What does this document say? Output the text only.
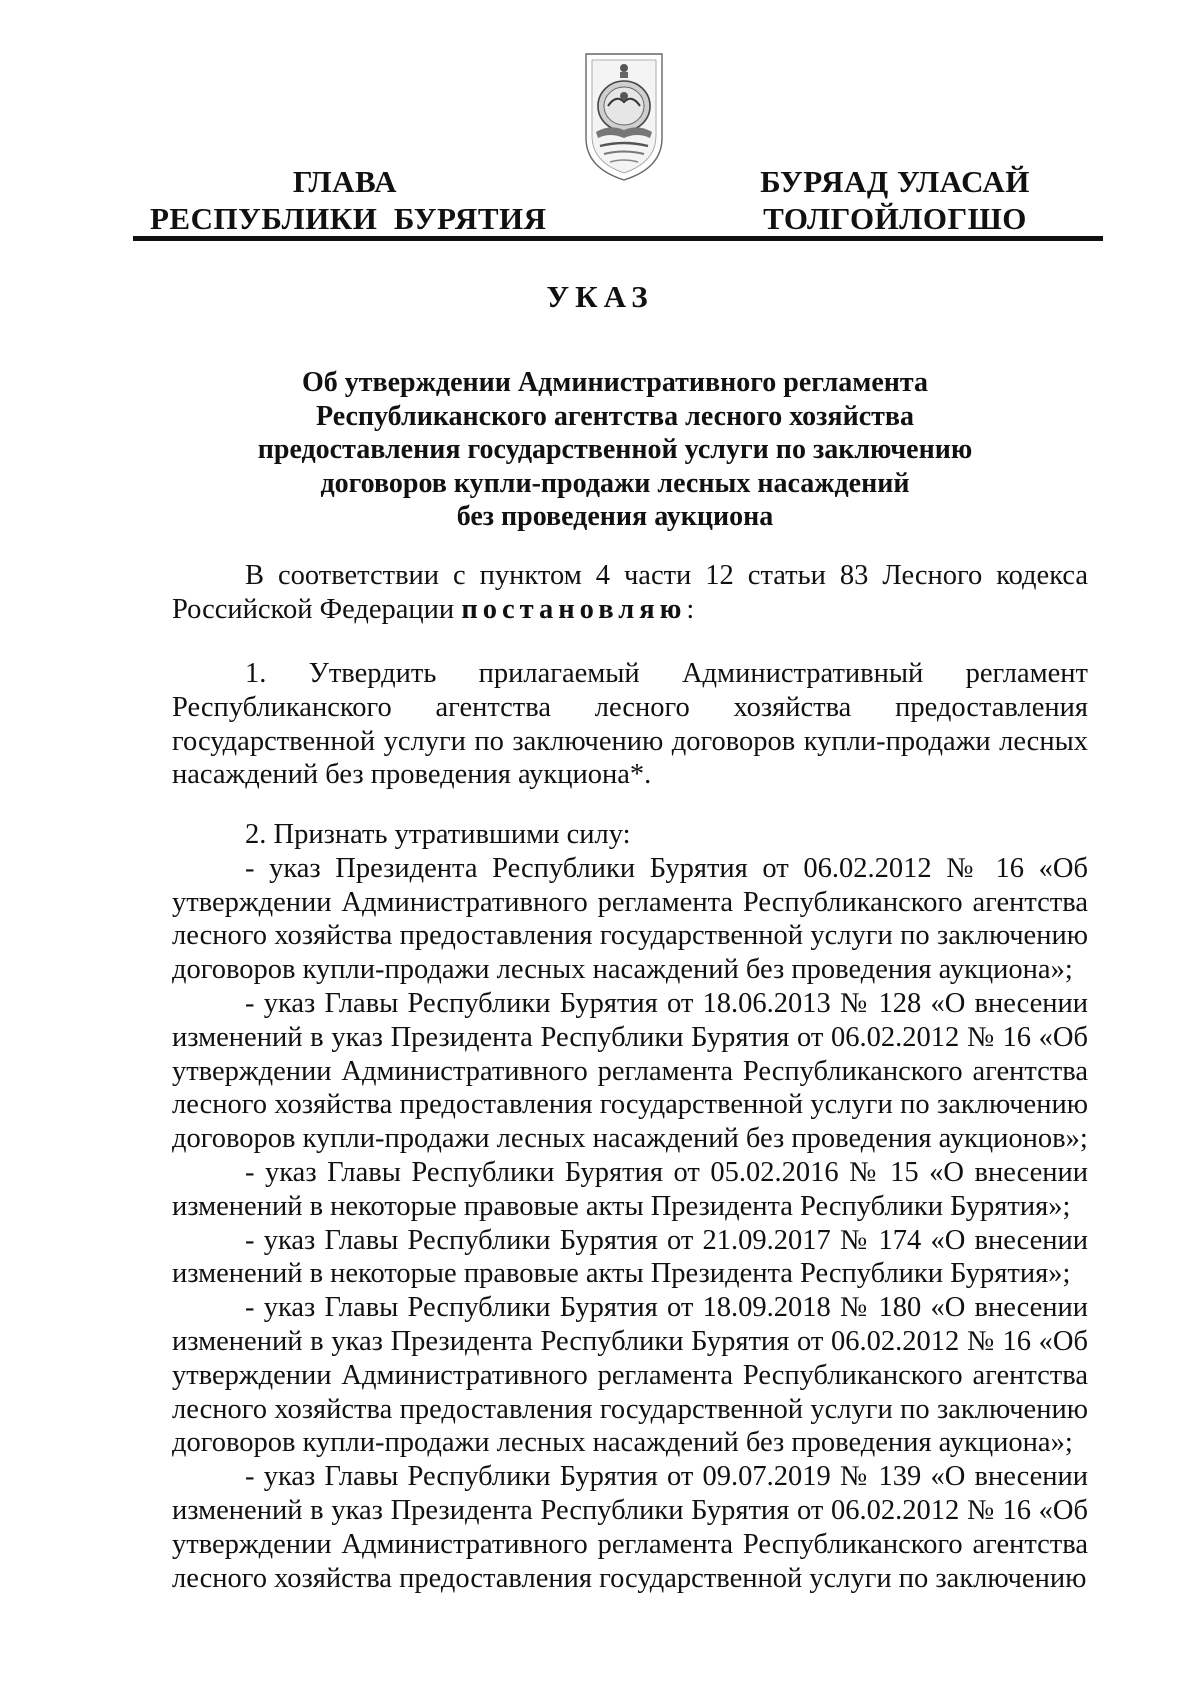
ГЛАВА
РЕСПУБЛИКИ  БУРЯТИЯ
БУРЯАД УЛАСАЙ
ТОЛГОЙЛОГШО
УКАЗ
Об утверждении Административного регламента
Республиканского агентства лесного хозяйства
предоставления государственной услуги по заключению
договоров купли-продажи лесных насаждений
без проведения аукциона
В соответствии с пунктом 4 части 12 статьи 83 Лесного кодекса Российской Федерации постановляю:
1. Утвердить прилагаемый Административный регламент Республиканского агентства лесного хозяйства предоставления государственной услуги по заключению договоров купли-продажи лесных насаждений без проведения аукциона*.
2. Признать утратившими силу:
- указ Президента Республики Бурятия от 06.02.2012 № 16 «Об утверждении Административного регламента Республиканского агентства лесного хозяйства предоставления государственной услуги по заключению договоров купли-продажи лесных насаждений без проведения аукциона»;
- указ Главы Республики Бурятия от 18.06.2013 № 128 «О внесении изменений в указ Президента Республики Бурятия от 06.02.2012 № 16 «Об утверждении Административного регламента Республиканского агентства лесного хозяйства предоставления государственной услуги по заключению договоров купли-продажи лесных насаждений без проведения аукционов»;
- указ Главы Республики Бурятия от 05.02.2016 № 15 «О внесении изменений в некоторые правовые акты Президента Республики Бурятия»;
- указ Главы Республики Бурятия от 21.09.2017 № 174 «О внесении изменений в некоторые правовые акты Президента Республики Бурятия»;
- указ Главы Республики Бурятия от 18.09.2018 № 180 «О внесении изменений в указ Президента Республики Бурятия от 06.02.2012 № 16 «Об утверждении Административного регламента Республиканского агентства лесного хозяйства предоставления государственной услуги по заключению договоров купли-продажи лесных насаждений без проведения аукциона»;
- указ Главы Республики Бурятия от 09.07.2019 № 139 «О внесении изменений в указ Президента Республики Бурятия от 06.02.2012 № 16 «Об утверждении Административного регламента Республиканского агентства лесного хозяйства предоставления государственной услуги по заключению
